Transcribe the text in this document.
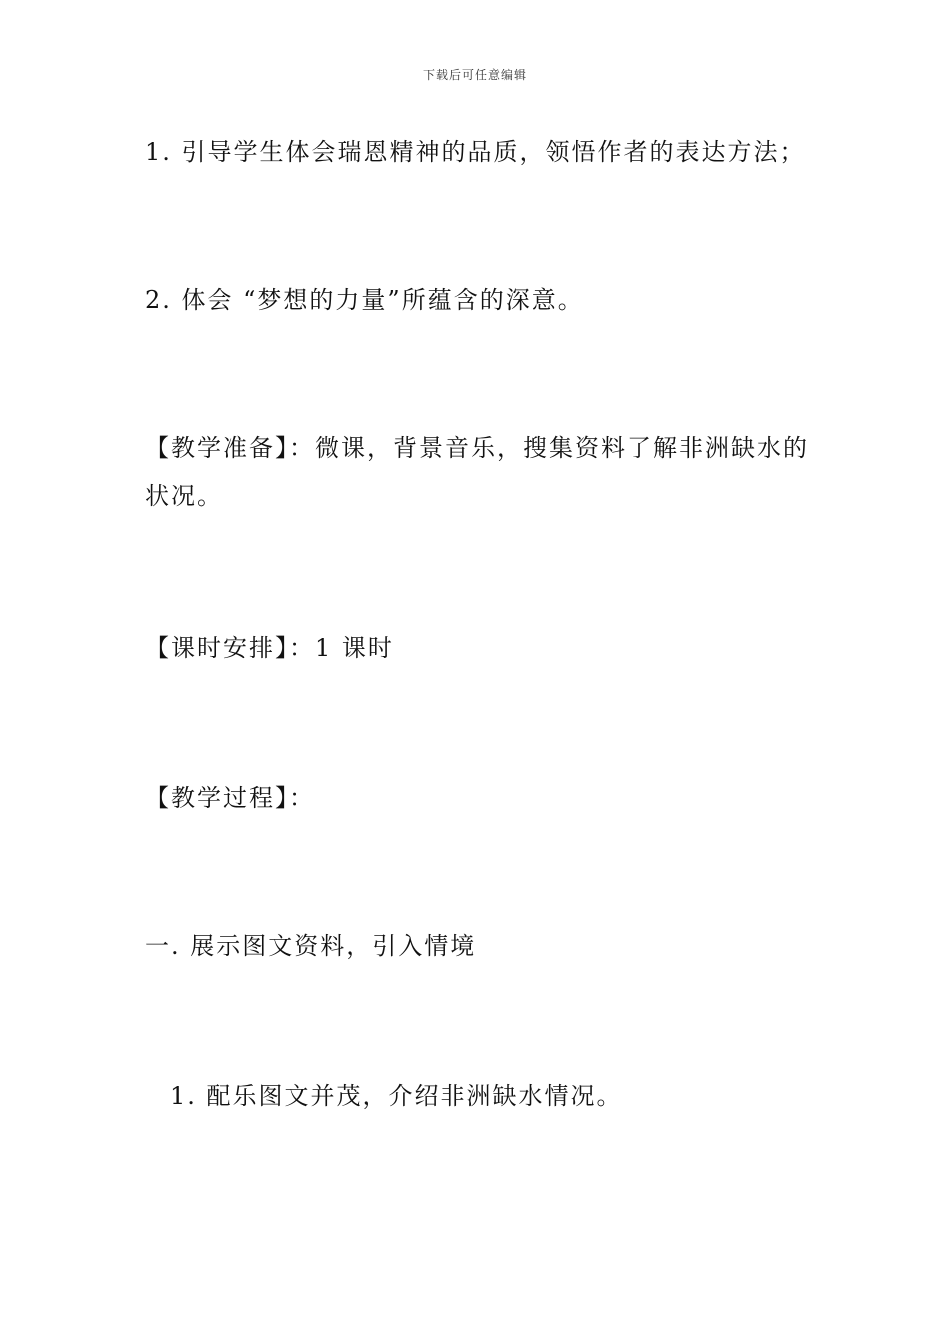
下载后可任意编辑
1. 引导学生体会瑞恩精神的品质，领悟作者的表达方法；
2. 体会 “梦想的力量”所蕴含的深意。
【教学准备】：微课，背景音乐，搜集资料了解非洲缺水的状况。
【课时安排】：1 课时
【教学过程】：
一. 展示图文资料，引入情境
1. 配乐图文并茂，介绍非洲缺水情况。
